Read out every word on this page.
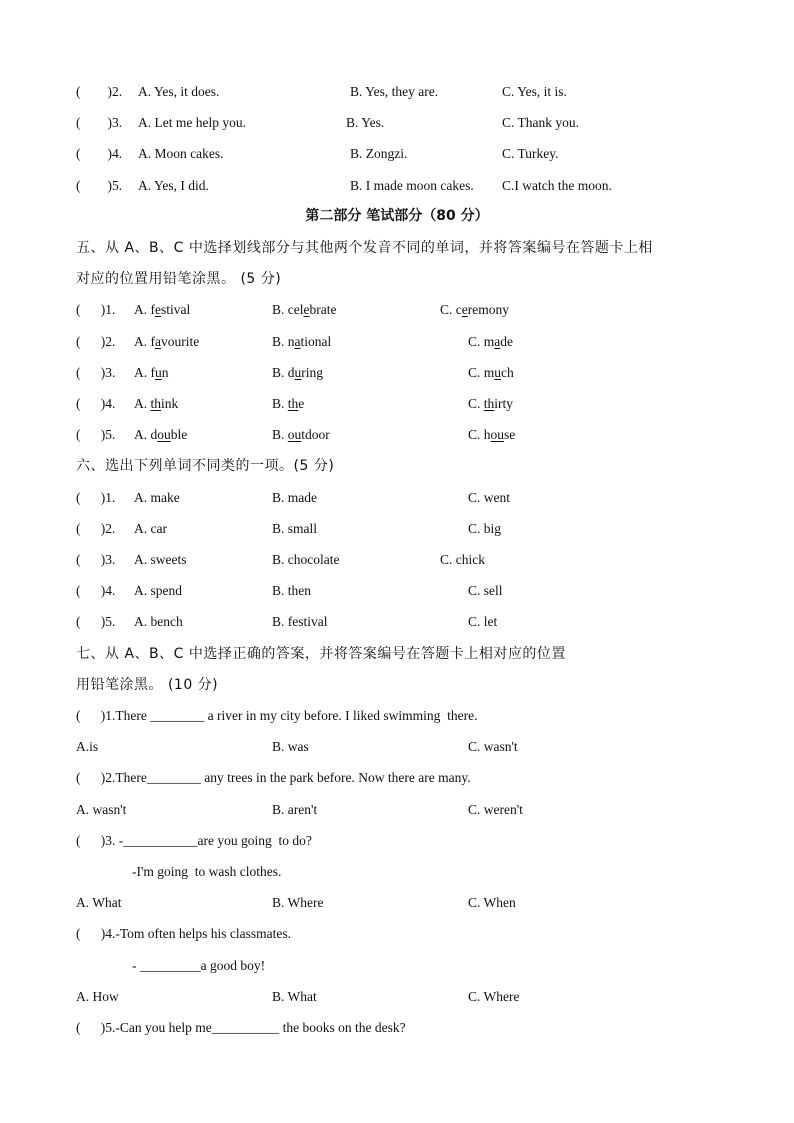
(        )2. A. Yes, it does.	B. Yes, they are.	C. Yes, it is.
(        )3. A. Let me help you.	B. Yes.	C. Thank you.
(        )4. A. Moon cakes.	B. Zongzi.	C. Turkey.
(        )5. A. Yes, I did.	B. I made moon cakes. C.I watch the moon.
第二部分 笔试部分（80 分）
五、从 A、B、C 中选择划线部分与其他两个发音不同的单词，并将答案编号在答题卡上相
对应的位置用铅笔涂黑。 (5 分)
(      )1. A. festival	B. celebrate	C. ceremony
(      )2. A. favourite	B. national	C. made
(      )3. A. fun	B. during	C. much
(      )4. A. think	B. the	C. thirty
(      )5. A. double	B. outdoor	C. house
六、选出下列单词不同类的一项。(5 分)
(      )1. A. make	B. made	C. went
(      )2. A. car	B. small	C. big
(      )3. A. sweets	B. chocolate	C. chick
(      )4. A. spend	B. then	C. sell
(      )5. A. bench	B. festival	C. let
七、从 A、B、C 中选择正确的答案，并将答案编号在答题卡上相对应的位置
用铅笔涂黑。 (10 分)
(      )1.There ________ a river in my city before. I liked swimming  there.
A.is	B. was	C. wasn't
(      )2.There________ any trees in the park before. Now there are many.
A. wasn't	B. aren't	C. weren't
(      )3. -___________are you going  to do?
-I'm going  to wash clothes.
A. What	B. Where	C. When
(      )4.-Tom often helps his classmates.
- _________a good boy!
A. How	B. What	C. Where
(      )5.-Can you help me__________ the books on the desk?
